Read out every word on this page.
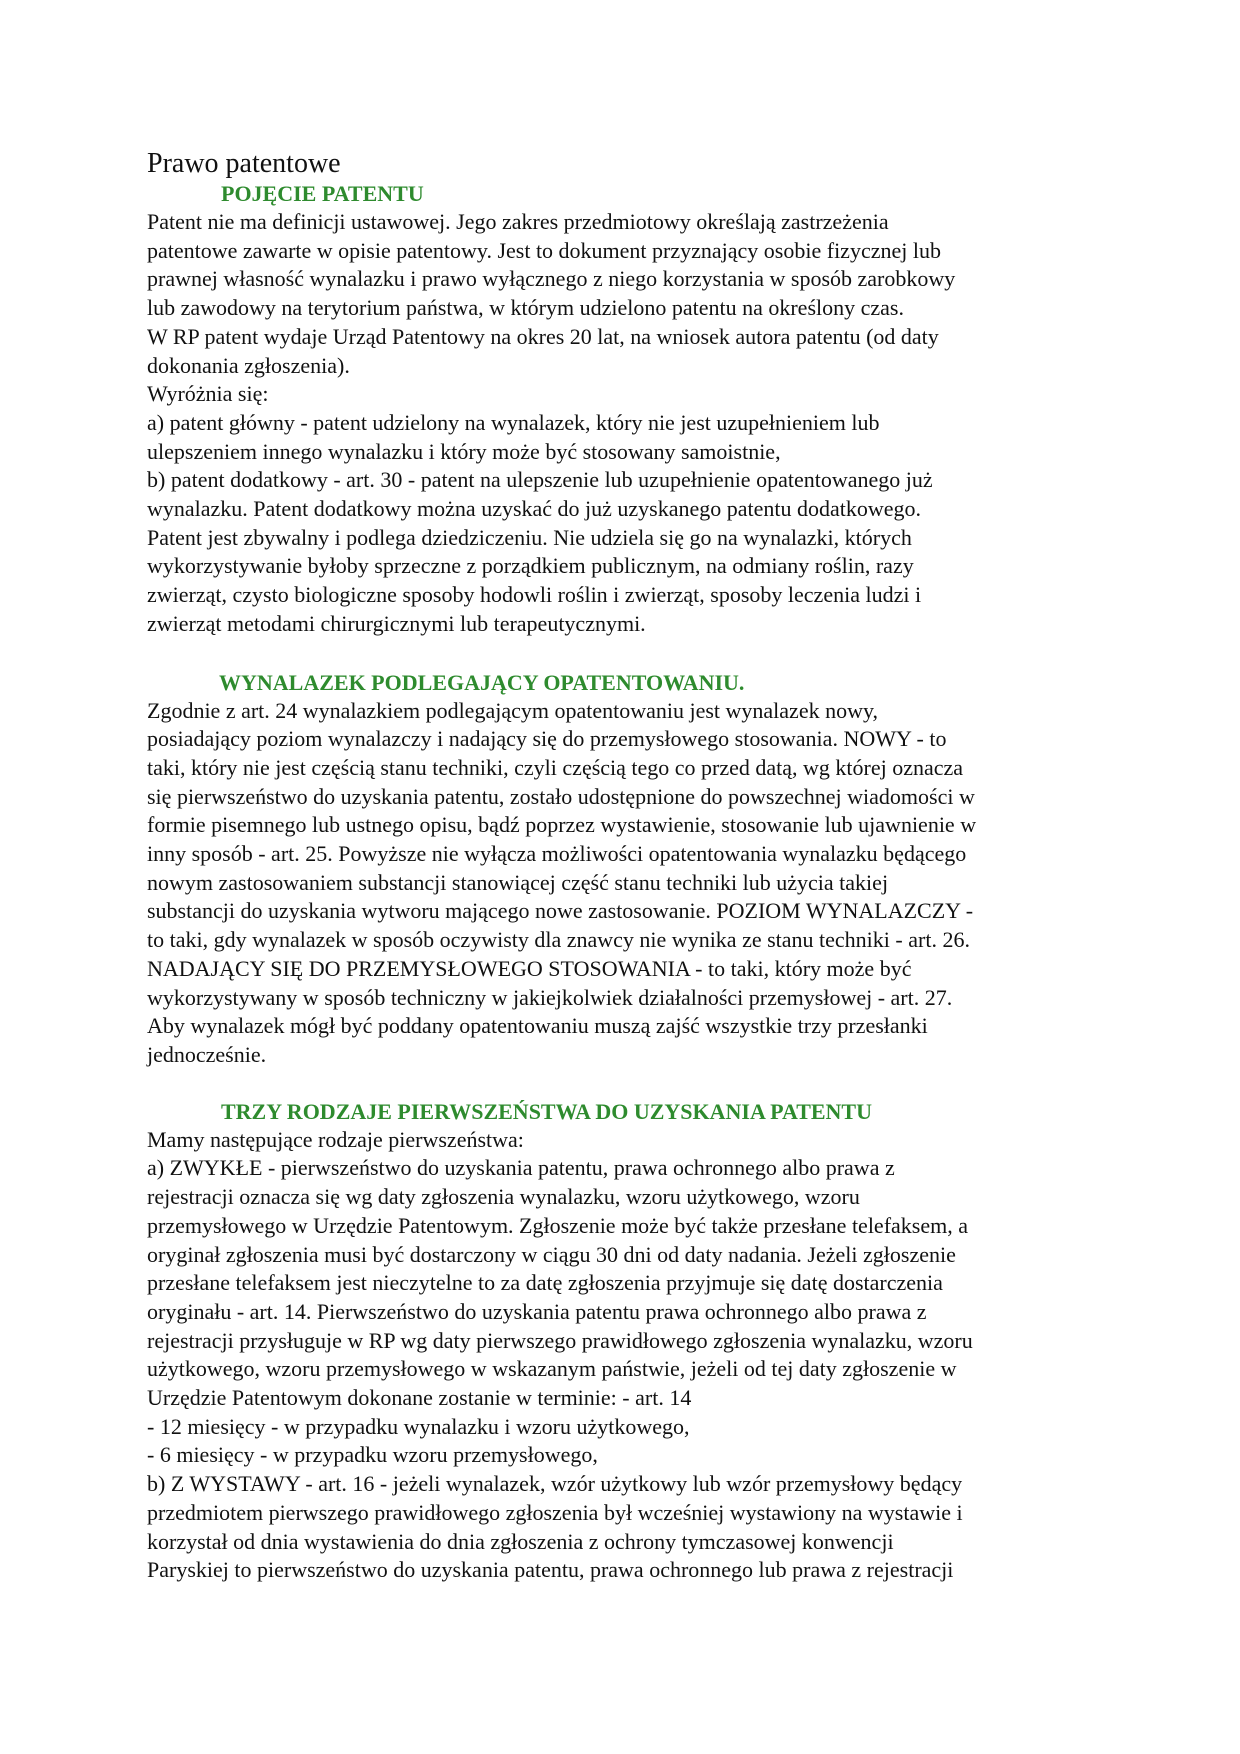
Prawo patentowe
POJĘCIE PATENTU

Patent nie ma definicji ustawowej. Jego zakres przedmiotowy określają zastrzeżenia
patentowe zawarte w opisie patentowy. Jest to dokument przyznający osobie fizycznej lub
prawnej własność wynalazku i prawo wyłącznego z niego korzystania w sposób zarobkowy
lub zawodowy na terytorium państwa, w którym udzielono patentu na określony czas.
W RP patent wydaje Urząd Patentowy na okres 20 lat, na wniosek autora patentu (od daty
dokonania zgłoszenia).
Wyróżnia się:
a) patent główny - patent udzielony na wynalazek, który nie jest uzupełnieniem lub
ulepszeniem innego wynalazku i który może być stosowany samoistnie,
b) patent dodatkowy - art. 30 - patent na ulepszenie lub uzupełnienie opatentowanego już
wynalazku. Patent dodatkowy można uzyskać do już uzyskanego patentu dodatkowego.
Patent jest zbywalny i podlega dziedziczeniu. Nie udziela się go na wynalazki, których
wykorzystywanie byłoby sprzeczne z porządkiem publicznym, na odmiany roślin, razy
zwierząt, czysto biologiczne sposoby hodowli roślin i zwierząt, sposoby leczenia ludzi i
zwierząt metodami chirurgicznymi lub terapeutycznymi.

WYNALAZEK PODLEGAJĄCY OPATENTOWANIU.

Zgodnie z art. 24 wynalazkiem podlegającym opatentowaniu jest wynalazek nowy,
posiadający poziom wynalazczy i nadający się do przemysłowego stosowania. NOWY - to
taki, który nie jest częścią stanu techniki, czyli częścią tego co przed datą, wg której oznacza
się pierwszeństwo do uzyskania patentu, zostało udostępnione do powszechnej wiadomości w
formie pisemnego lub ustnego opisu, bądź poprzez wystawienie, stosowanie lub ujawnienie w
inny sposób - art. 25. Powyższe nie wyłącza możliwości opatentowania wynalazku będącego
nowym zastosowaniem substancji stanowiącej część stanu techniki lub użycia takiej
substancji do uzyskania wytworu mającego nowe zastosowanie. POZIOM WYNALAZCZY -
to taki, gdy wynalazek w sposób oczywisty dla znawcy nie wynika ze stanu techniki - art. 26.
NADAJĄCY SIĘ DO PRZEMYSŁOWEGO STOSOWANIA - to taki, który może być
wykorzystywany w sposób techniczny w jakiejkolwiek działalności przemysłowej - art. 27.
Aby wynalazek mógł być poddany opatentowaniu muszą zajść wszystkie trzy przesłanki
jednocześnie.

TRZY RODZAJE PIERWSZEŃSTWA DO UZYSKANIA PATENTU

Mamy następujące rodzaje pierwszeństwa:
a) ZWYKŁE - pierwszeństwo do uzyskania patentu, prawa ochronnego albo prawa z
rejestracji oznacza się wg daty zgłoszenia wynalazku, wzoru użytkowego, wzoru
przemysłowego w Urzędzie Patentowym. Zgłoszenie może być także przesłane telefaksem, a
oryginał zgłoszenia musi być dostarczony w ciągu 30 dni od daty nadania. Jeżeli zgłoszenie
przesłane telefaksem jest nieczytelne to za datę zgłoszenia przyjmuje się datę dostarczenia
oryginału - art. 14. Pierwszeństwo do uzyskania patentu prawa ochronnego albo prawa z
rejestracji przysługuje w RP wg daty pierwszego prawidłowego zgłoszenia wynalazku, wzoru
użytkowego, wzoru przemysłowego w wskazanym państwie, jeżeli od tej daty zgłoszenie w
Urzędzie Patentowym dokonane zostanie w terminie: - art. 14
- 12 miesięcy - w przypadku wynalazku i wzoru użytkowego,
- 6 miesięcy - w przypadku wzoru przemysłowego,
b) Z WYSTAWY - art. 16 - jeżeli wynalazek, wzór użytkowy lub wzór przemysłowy będący
przedmiotem pierwszego prawidłowego zgłoszenia był wcześniej wystawiony na wystawie i
korzystał od dnia wystawienia do dnia zgłoszenia z ochrony tymczasowej konwencji
Paryskiej to pierwszeństwo do uzyskania patentu, prawa ochronnego lub prawa z rejestracji
